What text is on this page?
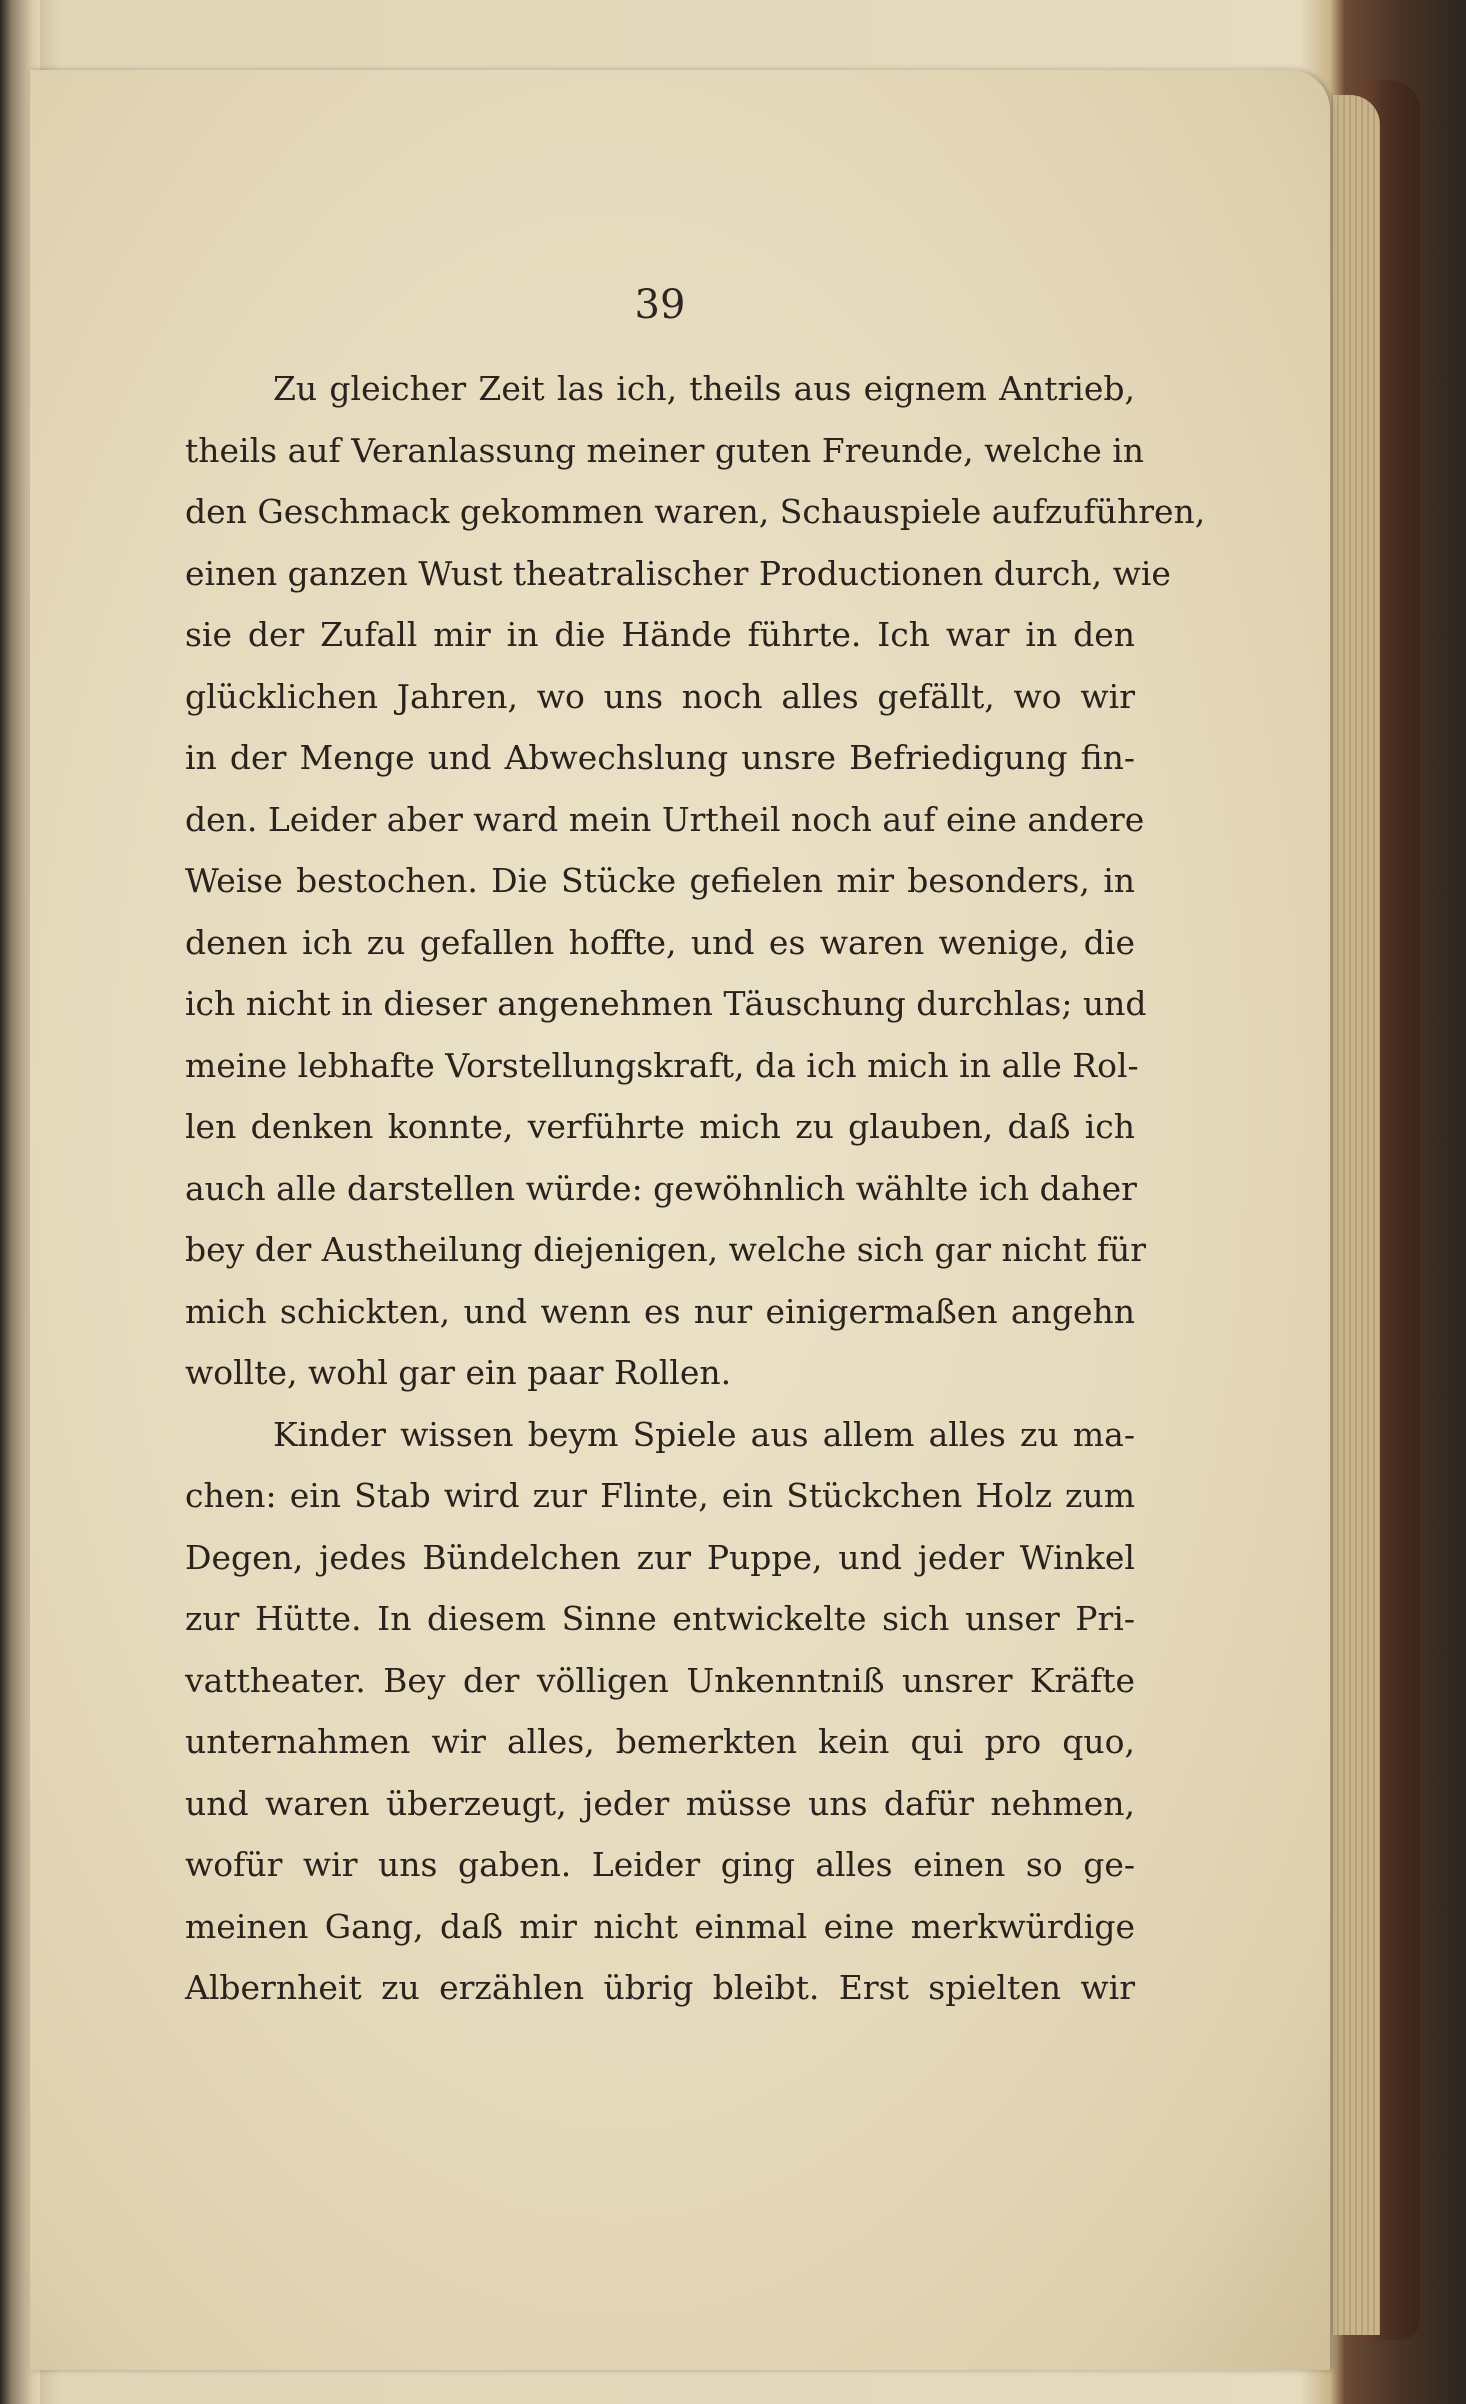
39
Zu gleicher Zeit las ich, theils aus eignem Antrieb,
theils auf Veranlassung meiner guten Freunde, welche in
den Geschmack gekommen waren, Schauspiele aufzuführen,
einen ganzen Wust theatralischer Productionen durch, wie
sie der Zufall mir in die Hände führte. Ich war in den
glücklichen Jahren, wo uns noch alles gefällt, wo wir
in der Menge und Abwechslung unsre Befriedigung fin-
den. Leider aber ward mein Urtheil noch auf eine andere
Weise bestochen. Die Stücke gefielen mir besonders, in
denen ich zu gefallen hoffte, und es waren wenige, die
ich nicht in dieser angenehmen Täuschung durchlas; und
meine lebhafte Vorstellungskraft, da ich mich in alle Rol-
len denken konnte, verführte mich zu glauben, daß ich
auch alle darstellen würde: gewöhnlich wählte ich daher
bey der Austheilung diejenigen, welche sich gar nicht für
mich schickten, und wenn es nur einigermaßen angehn
wollte, wohl gar ein paar Rollen.
Kinder wissen beym Spiele aus allem alles zu ma-
chen: ein Stab wird zur Flinte, ein Stückchen Holz zum
Degen, jedes Bündelchen zur Puppe, und jeder Winkel
zur Hütte. In diesem Sinne entwickelte sich unser Pri-
vattheater. Bey der völligen Unkenntniß unsrer Kräfte
unternahmen wir alles, bemerkten kein qui pro quo,
und waren überzeugt, jeder müsse uns dafür nehmen,
wofür wir uns gaben. Leider ging alles einen so ge-
meinen Gang, daß mir nicht einmal eine merkwürdige
Albernheit zu erzählen übrig bleibt. Erst spielten wir
